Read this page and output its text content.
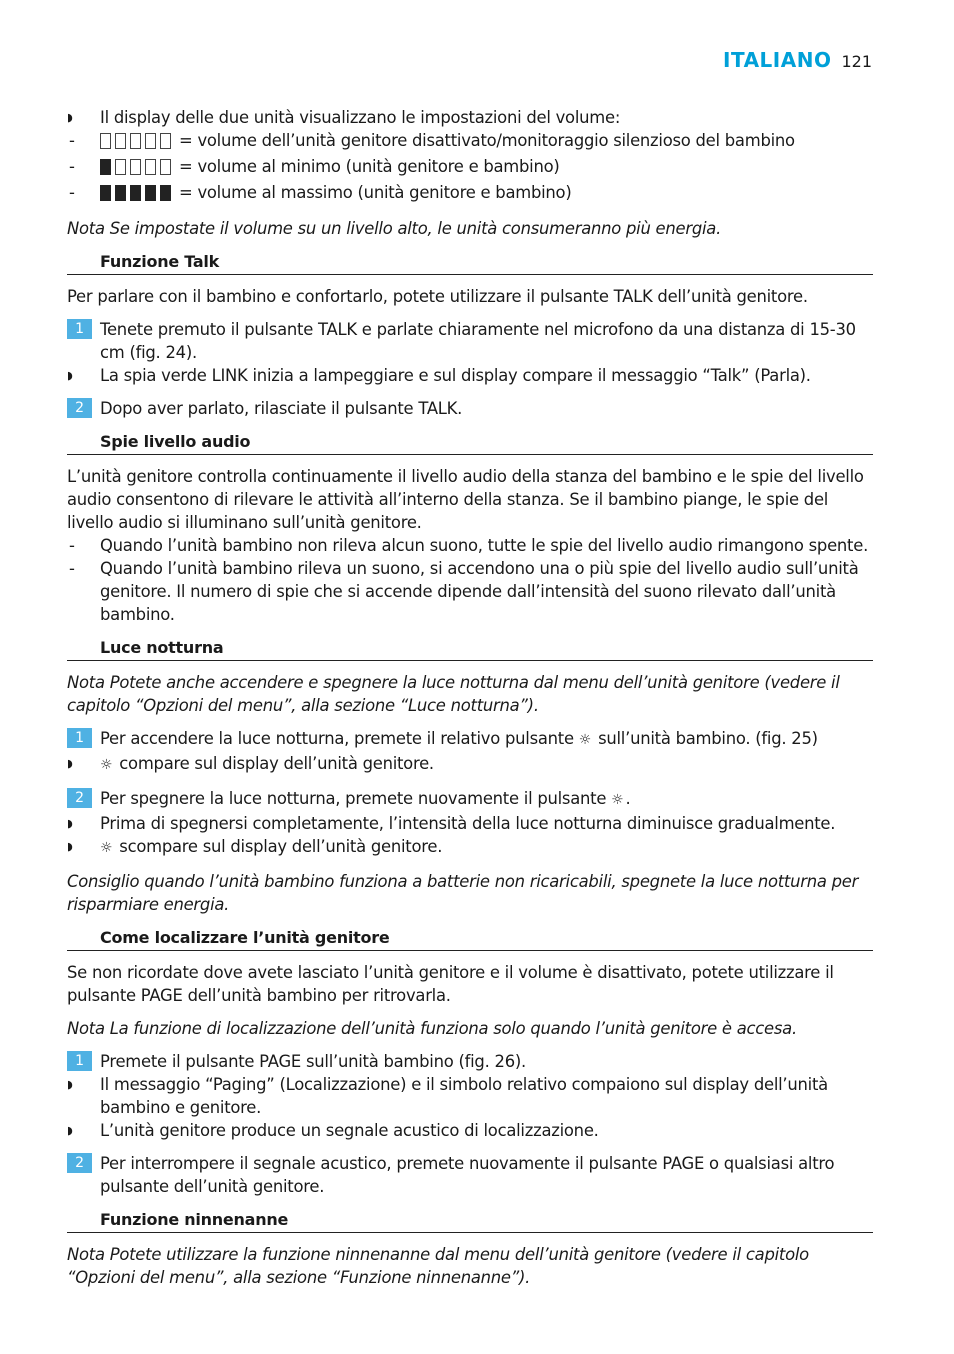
ITALIANO 121
◗	Il display delle due unità visualizzano le impostazioni del volume:
-	= volume dell’unità genitore disattivato/monitoraggio silenzioso del bambino
-	= volume al minimo (unità genitore e bambino)
-	= volume al massimo (unità genitore e bambino)
Nota Se impostate il volume su un livello alto, le unità consumeranno più energia.
Funzione Talk
Per parlare con il bambino e confortarlo, potete utilizzare il pulsante TALK dell’unità genitore.
1 Tenete premuto il pulsante TALK e parlate chiaramente nel microfono da una distanza di 15-30 cm (fig. 24).
◗	La spia verde LINK inizia a lampeggiare e sul display compare il messaggio “Talk” (Parla).
2 Dopo aver parlato, rilasciate il pulsante TALK.
Spie livello audio
L’unità genitore controlla continuamente il livello audio della stanza del bambino e le spie del livello audio consentono di rilevare le attività all’interno della stanza. Se il bambino piange, le spie del livello audio si illuminano sull’unità genitore.
-	Quando l’unità bambino non rileva alcun suono, tutte le spie del livello audio rimangono spente.
-	Quando l’unità bambino rileva un suono, si accendono una o più spie del livello audio sull’unità genitore. Il numero di spie che si accende dipende dall’intensità del suono rilevato dall’unità bambino.
Luce notturna
Nota Potete anche accendere e spegnere la luce notturna dal menu dell’unità genitore (vedere il capitolo “Opzioni del menu”, alla sezione “Luce notturna”).
1 Per accendere la luce notturna, premete il relativo pulsante ☼ sull’unità bambino. (fig. 25)
◗	☼ compare sul display dell’unità genitore.
2 Per spegnere la luce notturna, premete nuovamente il pulsante ☼ .
◗	Prima di spegnersi completamente, l’intensità della luce notturna diminuisce gradualmente.
◗	☼ scompare sul display dell’unità genitore.
Consiglio quando l’unità bambino funziona a batterie non ricaricabili, spegnete la luce notturna per risparmiare energia.
Come localizzare l’unità genitore
Se non ricordate dove avete lasciato l’unità genitore e il volume è disattivato, potete utilizzare il pulsante PAGE dell’unità bambino per ritrovarla.
Nota La funzione di localizzazione dell’unità funziona solo quando l’unità genitore è accesa.
1 Premete il pulsante PAGE sull’unità bambino (fig. 26).
◗	Il messaggio “Paging” (Localizzazione) e il simbolo relativo compaiono sul display dell’unità bambino e genitore.
◗	L’unità genitore produce un segnale acustico di localizzazione.
2 Per interrompere il segnale acustico, premete nuovamente il pulsante PAGE o qualsiasi altro pulsante dell’unità genitore.
Funzione ninnenanne
Nota Potete utilizzare la funzione ninnenanne dal menu dell’unità genitore (vedere il capitolo “Opzioni del menu”, alla sezione “Funzione ninnenanne”).
